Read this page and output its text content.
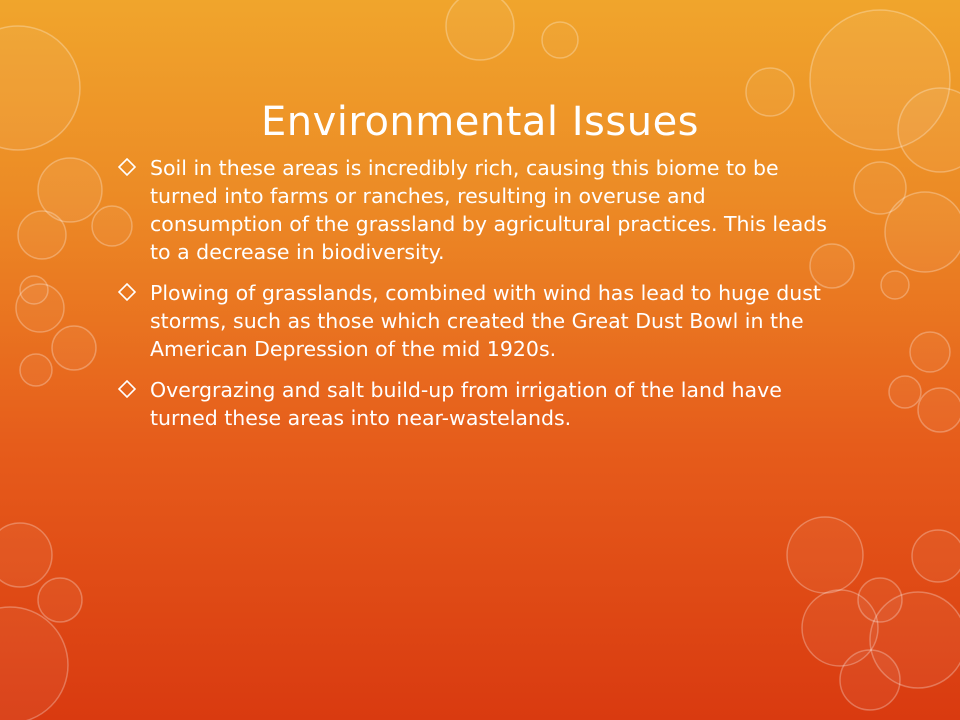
Environmental Issues
Soil in these areas is incredibly rich, causing this biome to be turned into farms or ranches, resulting in overuse and consumption of the grassland by agricultural practices. This leads to a decrease in biodiversity.
Plowing of grasslands, combined with wind has lead to huge dust storms, such as those which created the Great Dust Bowl in the American Depression of the mid 1920s.
Overgrazing and salt build-up from irrigation of the land have turned these areas into near-wastelands.
